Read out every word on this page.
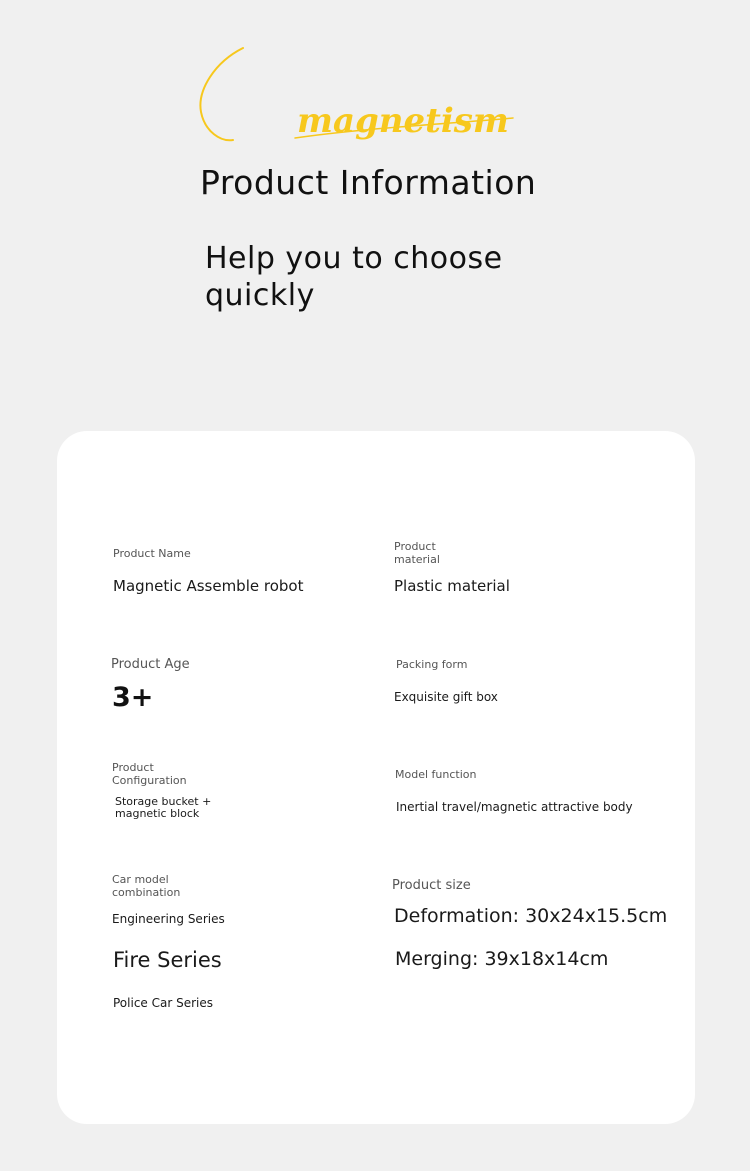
magnetism
Product Information
Help you to choose quickly
Product Name
Magnetic Assemble robot
Product material
Plastic material
Product Age
3+
Packing form
Exquisite gift box
Product Configuration
Storage bucket + magnetic block
Model function
Inertial travel/magnetic attractive body
Car model combination
Engineering Series
Fire Series
Police Car Series
Product size
Deformation: 30x24x15.5cm
Merging: 39x18x14cm
